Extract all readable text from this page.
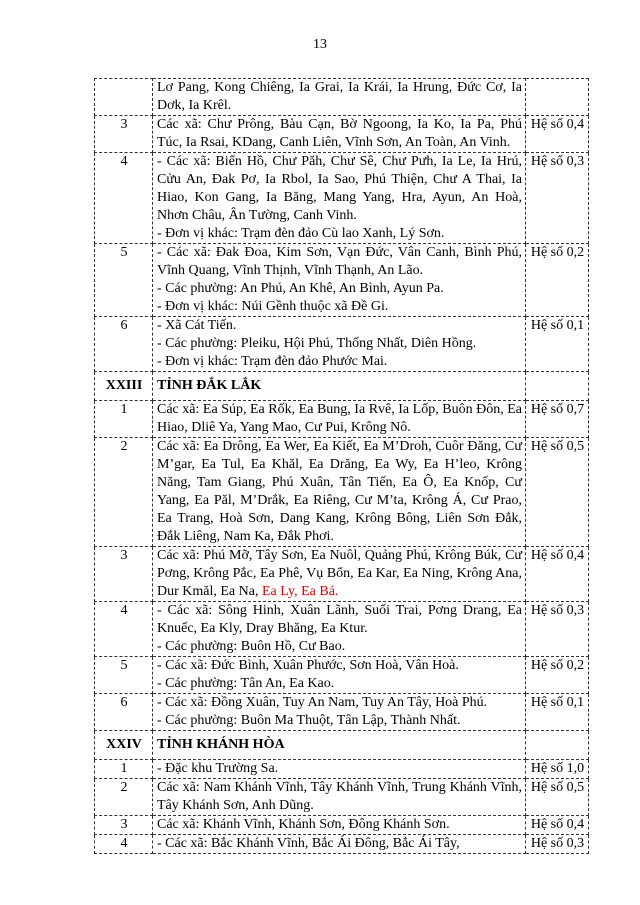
13

	Lơ Pang, Kong Chiêng, Ia Grai, Ia Krái, Ia Hrung, Đức Cơ, Ia Dơk, Ia Krêl.	

3	Các xã: Chư Prông, Bàu Cạn, Bờ Ngoong, Ia Ko, Ia Pa, Phú Túc, Ia Rsai, KDang, Canh Liên, Vĩnh Sơn, An Toàn, An Vinh.	Hệ số 0,4
4	- Các xã: Biển Hồ, Chư Păh, Chư Sê, Chư Pưh, Ia Le, Ia Hrú, Cửu An, Đak Pơ, Ia Rbol, Ia Sao, Phú Thiện, Chư A Thai, Ia Hiao, Kon Gang, Ia Băng, Mang Yang, Hra, Ayun, An Hoà, Nhơn Châu, Ân Tường, Canh Vinh.
- Đơn vị khác: Trạm đèn đảo Cù lao Xanh, Lý Sơn.	Hệ số 0,3
5	- Các xã: Đak Đoa, Kim Sơn, Vạn Đức, Vân Canh, Bình Phú, Vĩnh Quang, Vĩnh Thịnh, Vĩnh Thạnh, An Lão.
- Các phường: An Phú, An Khê, An Bình, Ayun Pa.
- Đơn vị khác: Núi Gềnh thuộc xã Đề Gi.	Hệ số 0,2
6	- Xã Cát Tiến.
- Các phường: Pleiku, Hội Phú, Thống Nhất, Diên Hồng.
- Đơn vị khác: Trạm đèn đảo Phước Mai.	Hệ số 0,1
XXIII	TỈNH ĐẮK LẮK	
1	Các xã: Ea Súp, Ea Rốk, Ea Bung, Ia Rvê, Ia Lốp, Buôn Đôn, Ea Hiao, Dliê Ya, Yang Mao, Cư Pui, Krông Nô.	Hệ số 0,7
2	Các xã: Ea Drông, Ea Wer, Ea Kiết, Ea M’Droh, Cuôr Đăng, Cư M’gar, Ea Tul, Ea Khăl, Ea Drăng, Ea Wy, Ea H’leo, Krông Năng, Tam Giang, Phú Xuân, Tân Tiến, Ea Ô, Ea Knốp, Cư Yang, Ea Păl, M’Drắk, Ea Riêng, Cư M’ta, Krông Á, Cư Prao, Ea Trang, Hoà Sơn, Dang Kang, Krông Bông, Liên Sơn Đắk, Đắk Liêng, Nam Ka, Đắk Phơi.	Hệ số 0,5
3	Các xã: Phú Mỡ, Tây Sơn, Ea Nuôl, Quảng Phú, Krông Búk, Cư Pơng, Krông Pắc, Ea Phê, Vụ Bổn, Ea Kar, Ea Ning, Krông Ana, Dur Kmăl, Ea Na, Ea Ly, Ea Bá.	Hệ số 0,4
4	- Các xã: Sông Hinh, Xuân Lãnh, Suối Trai, Pơng Drang, Ea Knuếc, Ea Kly, Dray Bhăng, Ea Ktur.
- Các phường: Buôn Hồ, Cư Bao.	Hệ số 0,3
5	- Các xã: Đức Bình, Xuân Phước, Sơn Hoà, Vân Hoà.
- Các phường: Tân An, Ea Kao.	Hệ số 0,2
6	- Các xã: Đồng Xuân, Tuy An Nam, Tuy An Tây, Hoà Phú.
- Các phường: Buôn Ma Thuột, Tân Lập, Thành Nhất.	Hệ số 0,1
XXIV	TỈNH KHÁNH HÒA	
1	- Đặc khu Trường Sa.	Hệ số 1,0
2	Các xã: Nam Khánh Vĩnh, Tây Khánh Vĩnh, Trung Khánh Vĩnh, Tây Khánh Sơn, Anh Dũng.	Hệ số 0,5
3	Các xã: Khánh Vĩnh, Khánh Sơn, Đông Khánh Sơn.	Hệ số 0,4
4	- Các xã: Bắc Khánh Vĩnh, Bắc Ái Đông, Bắc Ái Tây,	Hệ số 0,3
